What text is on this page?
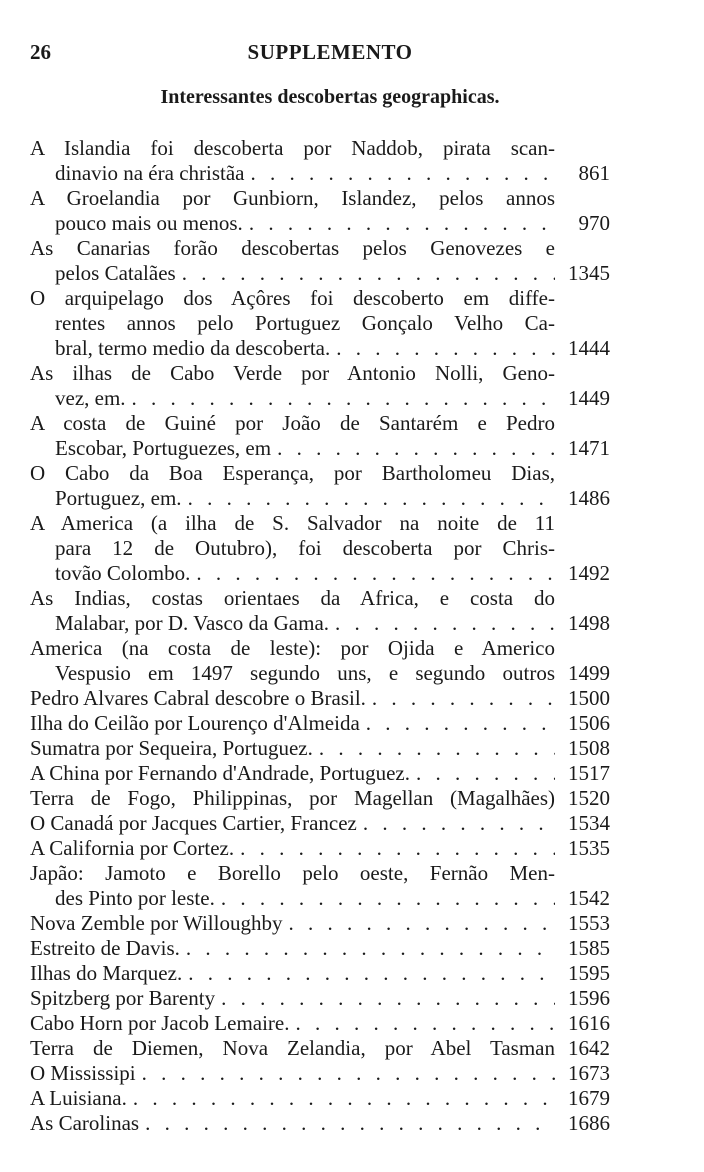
26	SUPPLEMENTO
Interessantes descobertas geographicas.
A Islandia foi descoberta por Naddob, pirata scan-
dinavio na éra christãa . . .	861
A Groelandia por Gunbiorn, Islandez, pelos annos
pouco mais ou menos. . . .	970
As Canarias forão descobertas pelos Genovezes e
pelos Catalães . . .	1345
O arquipelago dos Açôres foi descoberto em diffe-
rentes annos pelo Portuguez Gonçalo Velho Ca-
bral, termo medio da descoberta. . . .	1444
As ilhas de Cabo Verde por Antonio Nolli, Geno-
vez, em. . . .	1449
A costa de Guiné por João de Santarém e Pedro
Escobar, Portuguezes, em . . .	1471
O Cabo da Boa Esperança, por Bartholomeu Dias,
Portuguez, em. . . .	1486
A America (a ilha de S. Salvador na noite de 11
para 12 de Outubro), foi descoberta por Chris-
tovão Colombo. . . .	1492
As Indias, costas orientaes da Africa, e costa do
Malabar, por D. Vasco da Gama. . . .	1498
America (na costa de leste): por Ojida e Americo
Vespusio em 1497 segundo uns, e segundo outros 1499
Pedro Alvares Cabral descobre o Brasil. . . .	1500
Ilha do Ceilão por Lourenço d'Almeida . . .	1506
Sumatra por Sequeira, Portuguez. . . .	1508
A China por Fernando d'Andrade, Portuguez. . . .	1517
Terra de Fogo, Philippinas, por Magellan (Magalhães) 1520
O Canadá por Jacques Cartier, Francez . . .	1534
A California por Cortez. . . .	1535
Japão: Jamoto e Borello pelo oeste, Fernão Men-
des Pinto por leste. . . .	1542
Nova Zemble por Willoughby . . .	1553
Estreito de Davis. . . .	1585
Ilhas do Marquez. . . .	1595
Spitzberg por Barenty . . .	1596
Cabo Horn por Jacob Lemaire. . . .	1616
Terra de Diemen, Nova Zelandia, por Abel Tasman 1642
O Mississipi . . .	1673
A Luisiana. . . .	1679
As Carolinas . . .	1686
